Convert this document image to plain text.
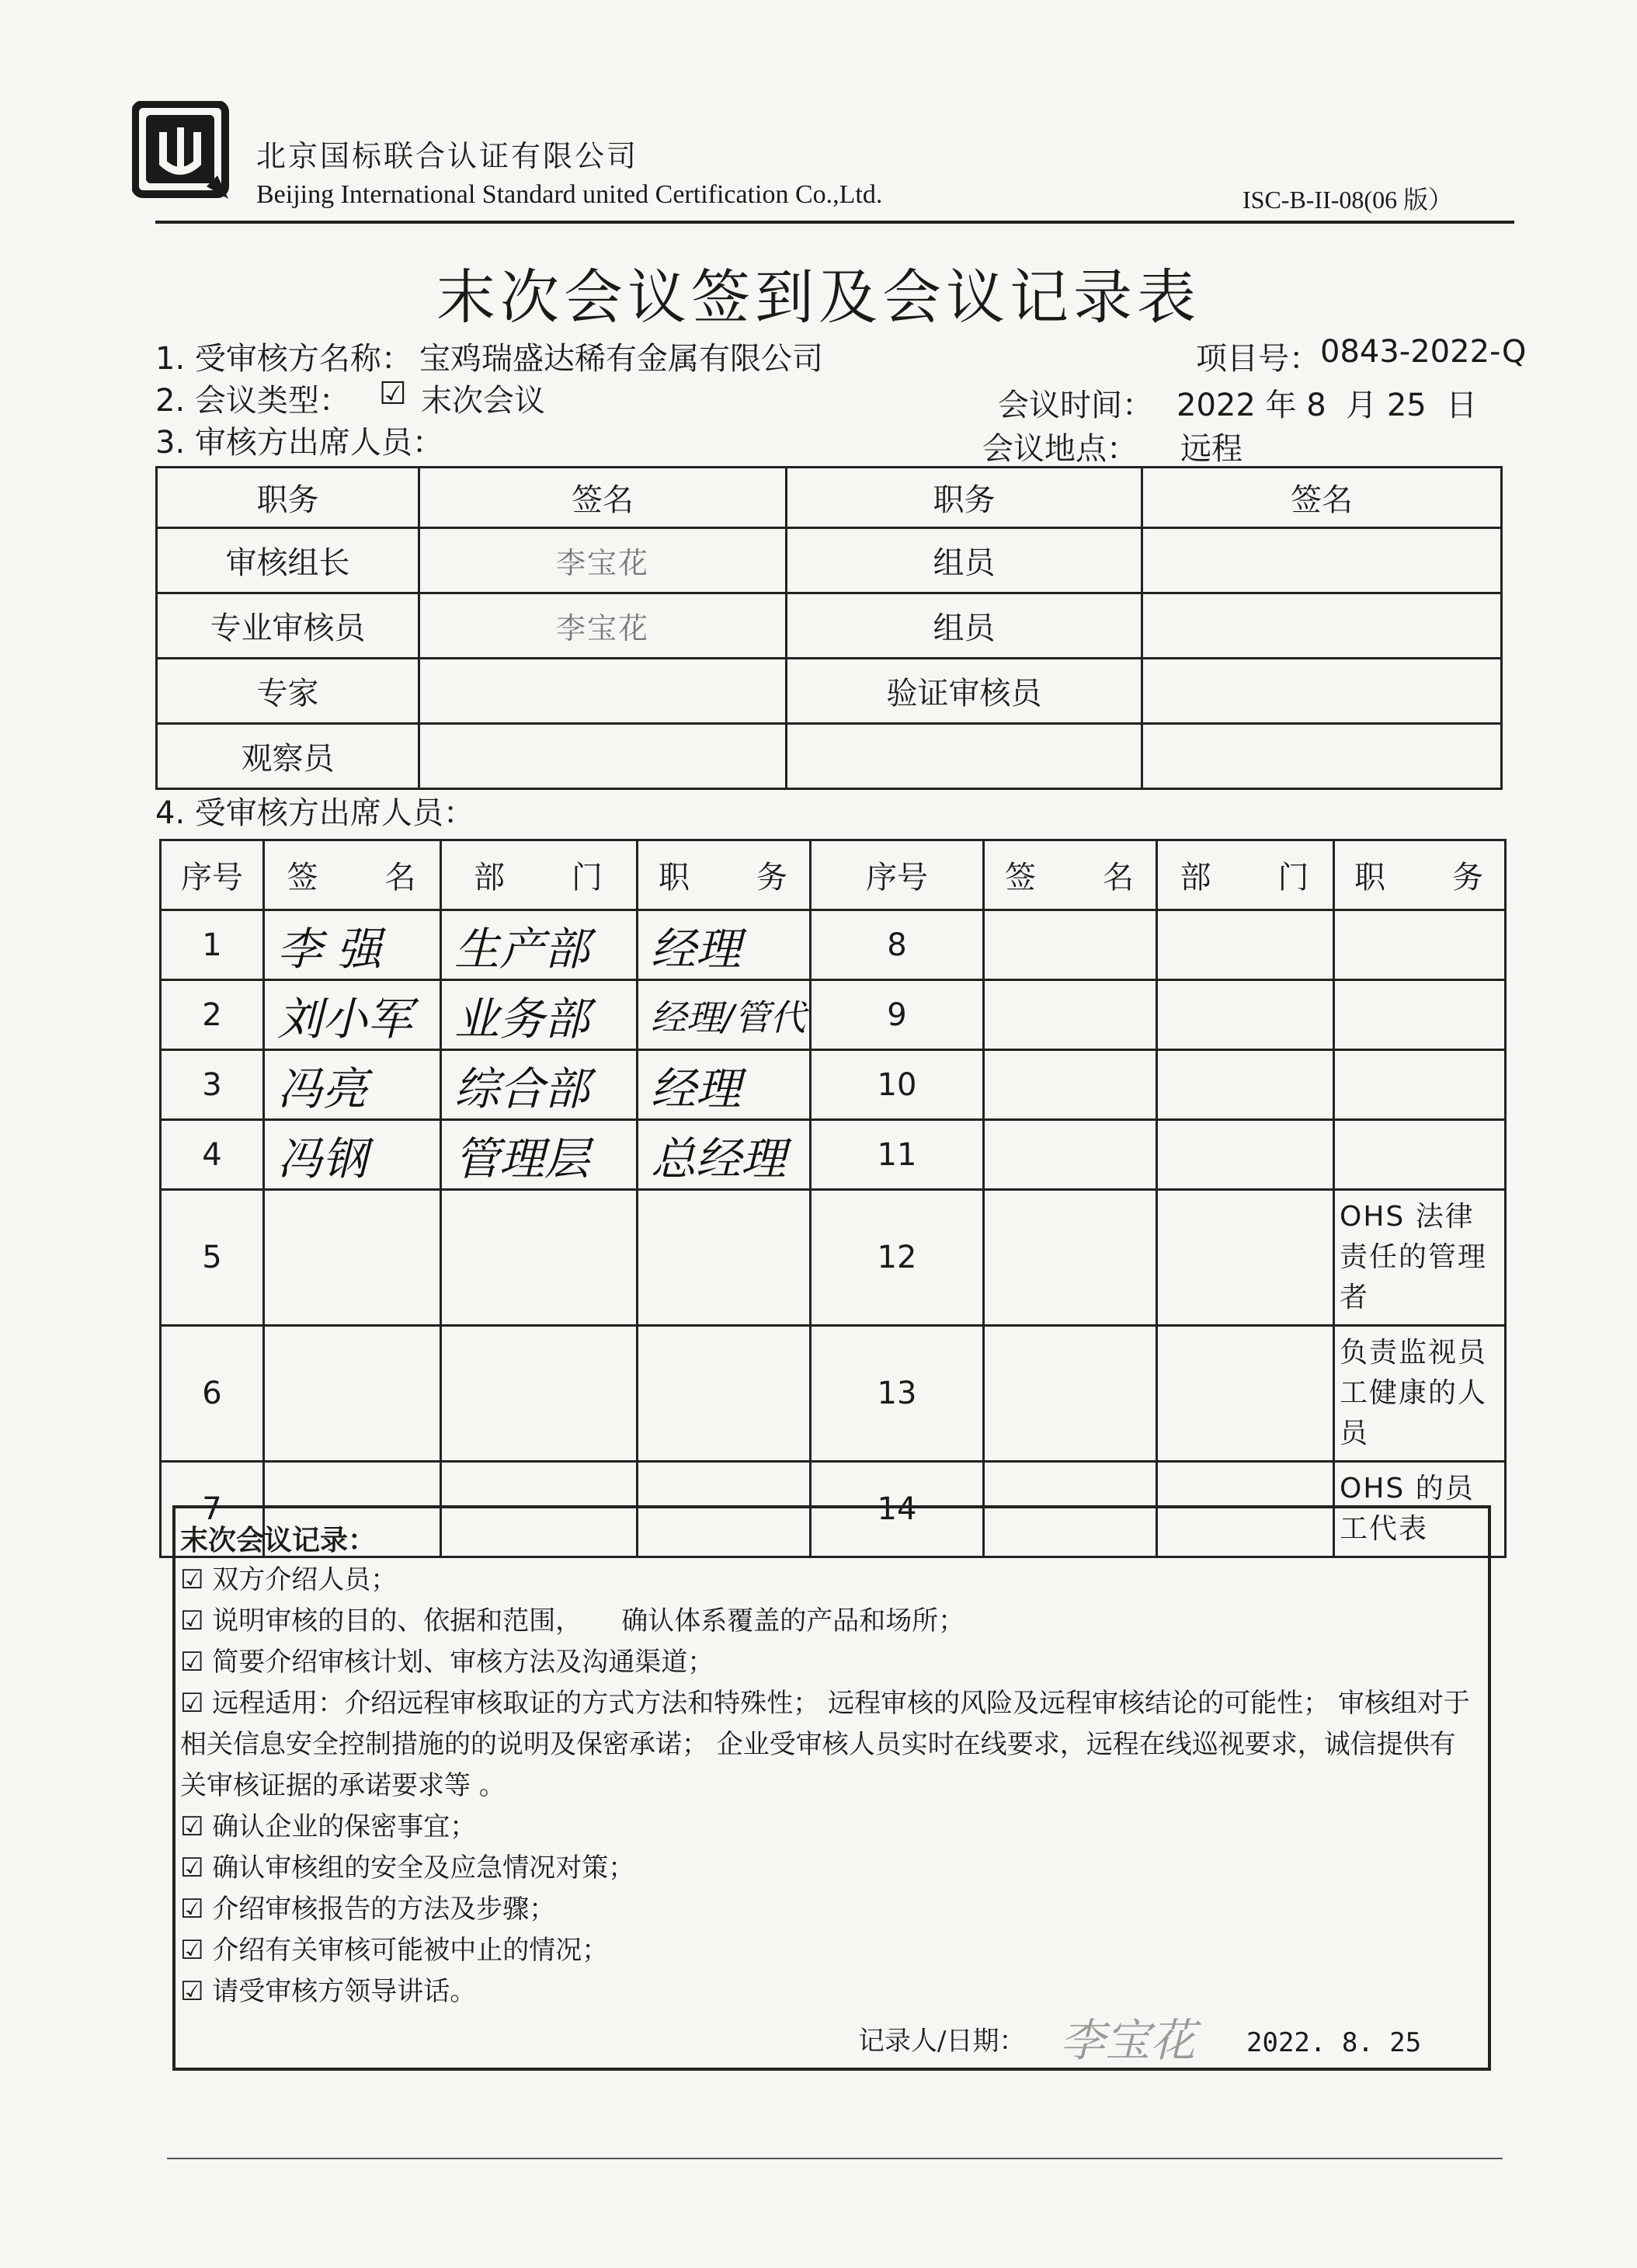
北京国标联合认证有限公司
Beijing International Standard united Certification Co.,Ltd.	ISC-B-II-08(06 版）
末次会议签到及会议记录表
1. 受审核方名称： 宝鸡瑞盛达稀有金属有限公司	项目号： 0843-2022-Q
2. 会议类型： ☑ 末次会议	会议时间： 2022 年 8  月 25  日
3. 审核方出席人员：	会议地点： 远程
职务	签名	职务	签名
审核组长	李宝花	组员	
专业审核员	李宝花	组员	
专家		验证审核员	
观察员			
4. 受审核方出席人员：
序号	签　　名	部　　门	职　　务	序号	签　　名	部　　门	职　　务
1	李 强	生产部	经理	8			
2	刘小军	业务部	经理/管代	9			
3	冯亮	综合部	经理	10			
4	冯钢	管理层	总经理	11			
5				12			OHS 法律责任的管理者
6				13			负责监视员工健康的人员
7				14			OHS 的员工代表
末次会议记录：
☑ 双方介绍人员；
☑ 说明审核的目的、依据和范围，　　确认体系覆盖的产品和场所；
☑ 简要介绍审核计划、审核方法及沟通渠道；
☑ 远程适用：介绍远程审核取证的方式方法和特殊性； 远程审核的风险及远程审核结论的可能性； 审核组对于相关信息安全控制措施的的说明及保密承诺； 企业受审核人员实时在线要求，远程在线巡视要求，诚信提供有关审核证据的承诺要求等 。
☑ 确认企业的保密事宜；
☑ 确认审核组的安全及应急情况对策；
☑ 介绍审核报告的方法及步骤；
☑ 介绍有关审核可能被中止的情况；
☑ 请受审核方领导讲话。
记录人/日期： 李宝花 2022. 8. 25
